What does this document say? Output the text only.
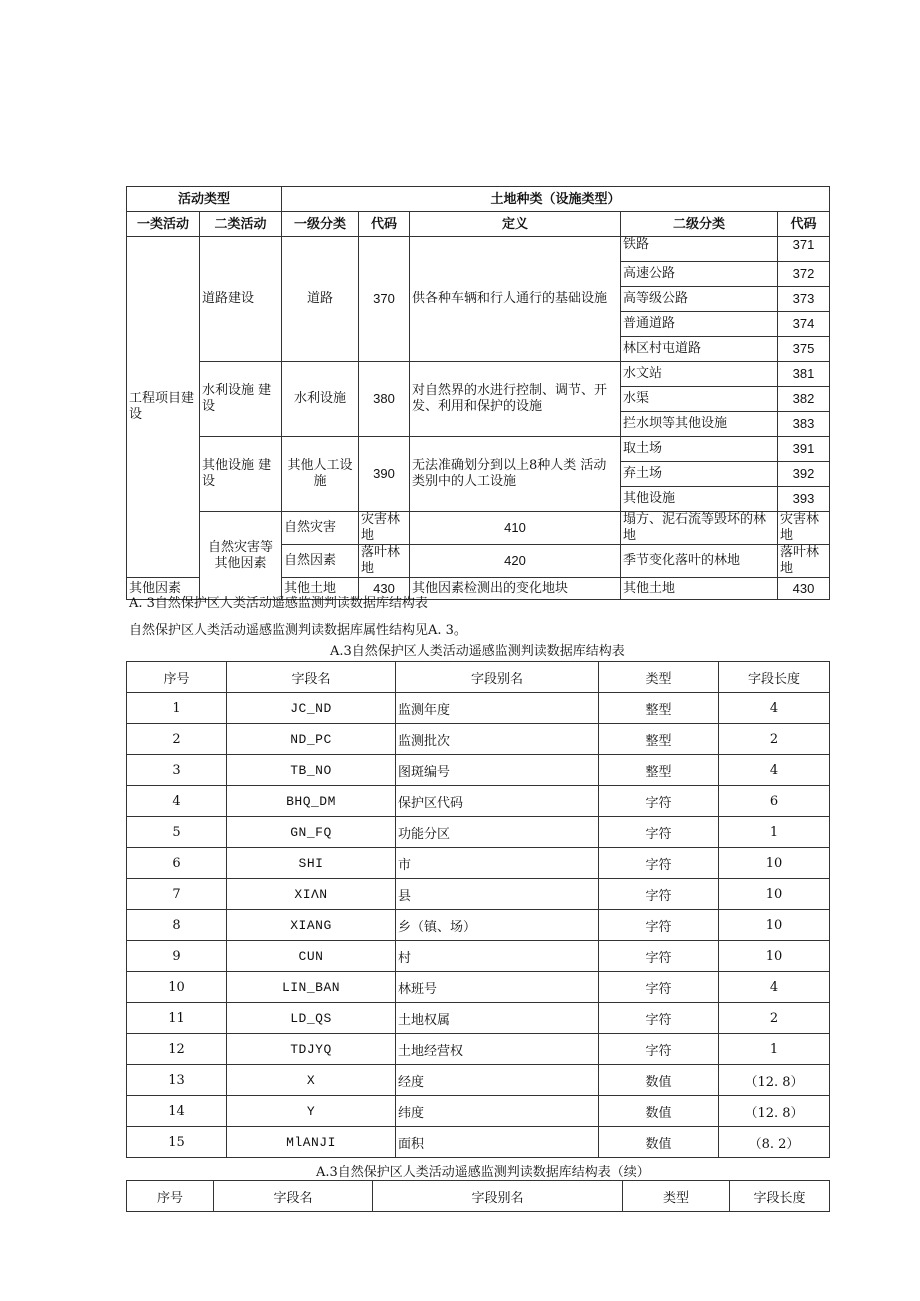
活动类型		土地种类（设施类型）					
一类活动	二类活动	一级分类	代码	定义	二级分类	代码	
工程项目建设	道路建设	道路	370	供各种车辆和行人通行的基础设施	铁路	371	
					高速公路	372	
					高等级公路	373	
					普通道路	374	
					林区村屯道路	375	
	水利设施 建设	水利设施	380	对自然界的水进行控制、调节、开发、利用和保护的设施	水文站	381	
					水渠	382	
					拦水坝等其他设施	383	
	其他设施 建设	其他人工设施	390	无法准确划分到以上8种人类 活动类别中的人工设施	取土场	391	
					弃土场	392	
					其他设施	393	
	自然灾害等其他因素	自然灾害	灾害林地	410	塌方、泥石流等毁坏的林地	灾害林地	
		自然因素	落叶林地	420	季节变化落叶的林地	落叶林地	
其他因素		其他土地	430	其他因素检测出的变化地块	其他土地	430	
A. 3自然保护区人类活动遥感监测判读数据库结构表
自然保护区人类活动遥感监测判读数据库属性结构见A. 3。
A.3自然保护区人类活动遥感监测判读数据库结构表
序号	字段名	字段别名	类型	字段长度
1	JC_ND	监测年度	整型	4
2	ND_PC	监测批次	整型	2
3	TB_NO	图斑编号	整型	4
4	BHQ_DM	保护区代码	字符	6
5	GN_FQ	功能分区	字符	1
6	SHI	市	字符	10
7	XIΛN	县	字符	10
8	XIANG	乡（镇、场）	字符	10
9	CUN	村	字符	10
10	LIN_BAN	林班号	字符	4
11	LD_QS	土地权属	字符	2
12	TDJYQ	土地经营权	字符	1
13	X	经度	数值	（12. 8）
14	Y	纬度	数值	（12. 8）
15	MlANJI	面积	数值	（8. 2）
A.3自然保护区人类活动遥感监测判读数据库结构表（续）
序号	字段名	字段别名	类型	字段长度
